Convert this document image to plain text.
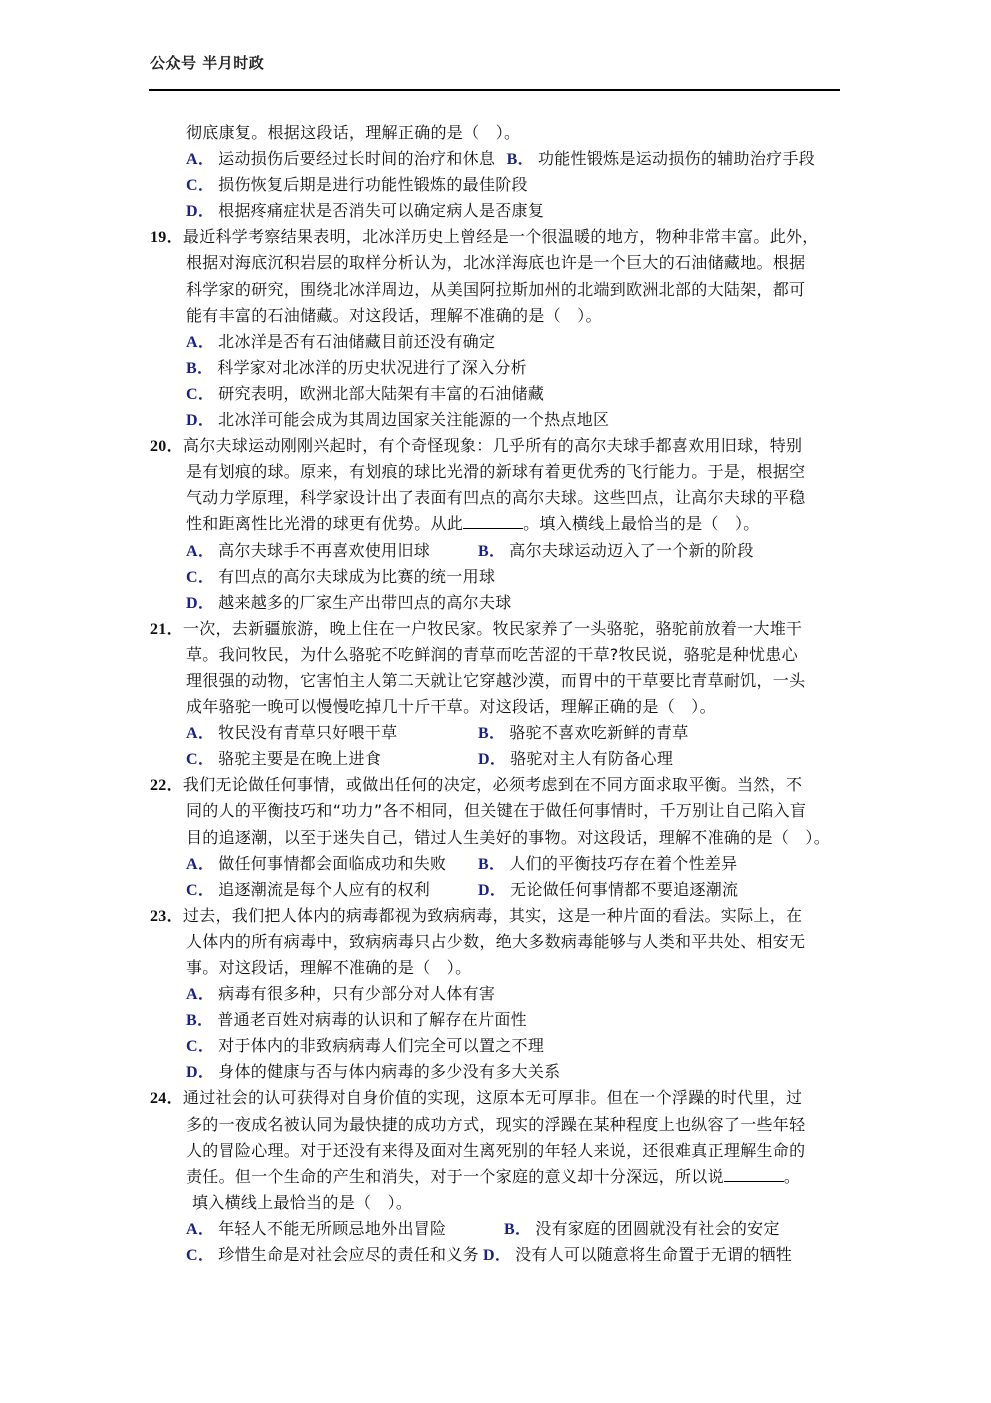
公众号 半月时政
彻底康复。根据这段话，理解正确的是（　）。
A． 运动损伤后要经过长时间的治疗和休息 B． 功能性锻炼是运动损伤的辅助治疗手段
C． 损伤恢复后期是进行功能性锻炼的最佳阶段
D． 根据疼痛症状是否消失可以确定病人是否康复
19．最近科学考察结果表明，北冰洋历史上曾经是一个很温暖的地方，物种非常丰富。此外，
根据对海底沉积岩层的取样分析认为，北冰洋海底也许是一个巨大的石油储藏地。根据
科学家的研究，围绕北冰洋周边，从美国阿拉斯加州的北端到欧洲北部的大陆架，都可
能有丰富的石油储藏。对这段话，理解不准确的是（　）。
A． 北冰洋是否有石油储藏目前还没有确定
B． 科学家对北冰洋的历史状况进行了深入分析
C． 研究表明，欧洲北部大陆架有丰富的石油储藏
D． 北冰洋可能会成为其周边国家关注能源的一个热点地区
20．高尔夫球运动刚刚兴起时，有个奇怪现象：几乎所有的高尔夫球手都喜欢用旧球，特别
是有划痕的球。原来，有划痕的球比光滑的新球有着更优秀的飞行能力。于是，根据空
气动力学原理，科学家设计出了表面有凹点的高尔夫球。这些凹点，让高尔夫球的平稳
性和距离性比光滑的球更有优势。从此	。填入横线上最恰当的是（　）。
A． 高尔夫球手不再喜欢使用旧球	B． 高尔夫球运动迈入了一个新的阶段
C． 有凹点的高尔夫球成为比赛的统一用球
D． 越来越多的厂家生产出带凹点的高尔夫球
21．一次，去新疆旅游，晚上住在一户牧民家。牧民家养了一头骆驼，骆驼前放着一大堆干
草。我问牧民，为什么骆驼不吃鲜润的青草而吃苦涩的干草?牧民说，骆驼是种忧患心
理很强的动物，它害怕主人第二天就让它穿越沙漠，而胃中的干草要比青草耐饥，一头
成年骆驼一晚可以慢慢吃掉几十斤干草。对这段话，理解正确的是（　）。
A． 牧民没有青草只好喂干草	B． 骆驼不喜欢吃新鲜的青草
C． 骆驼主要是在晚上进食	D． 骆驼对主人有防备心理
22．我们无论做任何事情，或做出任何的决定，必须考虑到在不同方面求取平衡。当然，不
同的人的平衡技巧和“功力”各不相同，但关键在于做任何事情时，千万别让自己陷入盲
目的追逐潮，以至于迷失自己，错过人生美好的事物。对这段话，理解不准确的是（　）。
A． 做任何事情都会面临成功和失败 B． 人们的平衡技巧存在着个性差异
C． 追逐潮流是每个人应有的权利	D． 无论做任何事情都不要追逐潮流
23．过去，我们把人体内的病毒都视为致病病毒，其实，这是一种片面的看法。实际上，在
人体内的所有病毒中，致病病毒只占少数，绝大多数病毒能够与人类和平共处、相安无
事。对这段话，理解不准确的是（　）。
A． 病毒有很多种，只有少部分对人体有害
B． 普通老百姓对病毒的认识和了解存在片面性
C． 对于体内的非致病病毒人们完全可以置之不理
D． 身体的健康与否与体内病毒的多少没有多大关系
24．通过社会的认可获得对自身价值的实现，这原本无可厚非。但在一个浮躁的时代里，过
多的一夜成名被认同为最快捷的成功方式，现实的浮躁在某种程度上也纵容了一些年轻
人的冒险心理。对于还没有来得及面对生离死别的年轻人来说，还很难真正理解生命的
责任。但一个生命的产生和消失，对于一个家庭的意义却十分深远，所以说	。
填入横线上最恰当的是（　）。
A． 年轻人不能无所顾忌地外出冒险	B． 没有家庭的团圆就没有社会的安定
C． 珍惜生命是对社会应尽的责任和义务 D． 没有人可以随意将生命置于无谓的牺牲
